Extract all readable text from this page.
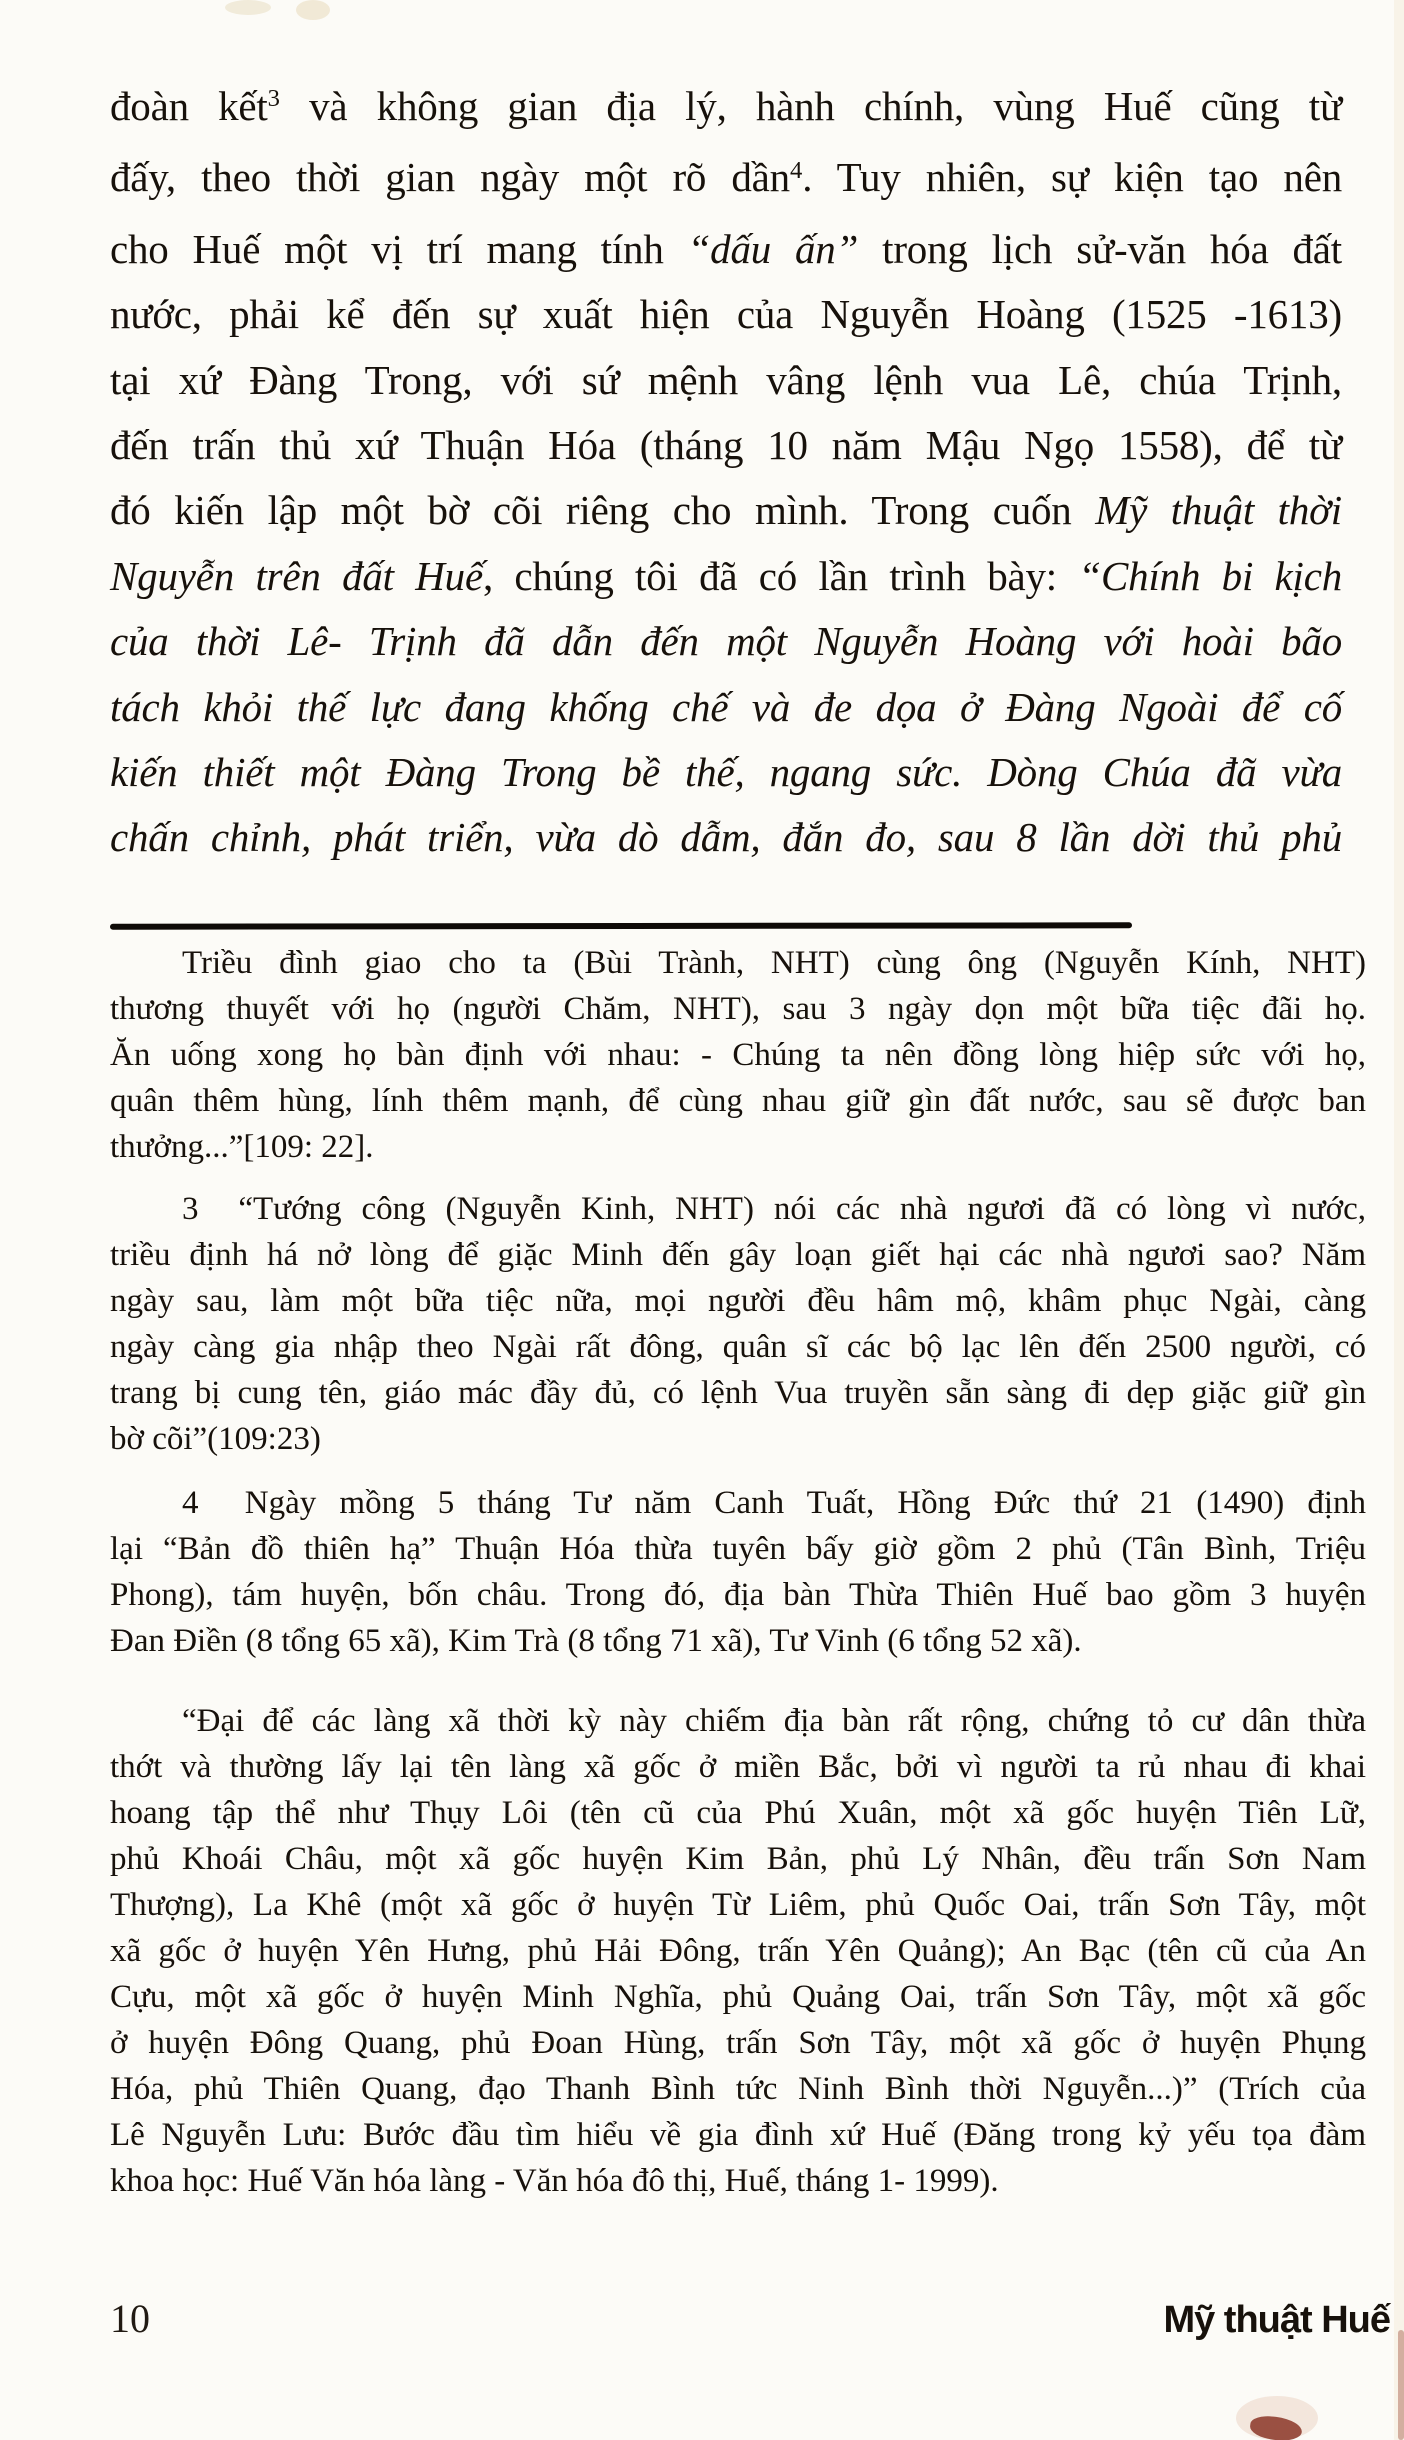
đoàn kết$^3$ và không gian địa lý, hành chính, vùng Huế cũng từ
đấy, theo thời gian ngày một rõ dần$^4$. Tuy nhiên, sự kiện tạo nên
cho Huế một vị trí mang tính “dấu ấn” trong lịch sử-văn hóa đất
nước, phải kể đến sự xuất hiện của Nguyễn Hoàng (1525 -1613)
tại xứ Đàng Trong, với sứ mệnh vâng lệnh vua Lê, chúa Trịnh,
đến trấn thủ xứ Thuận Hóa (tháng 10 năm Mậu Ngọ 1558), để từ
đó kiến lập một bờ cõi riêng cho mình. Trong cuốn Mỹ thuật thời
Nguyễn trên đất Huế, chúng tôi đã có lần trình bày: “Chính bi kịch
của thời Lê- Trịnh đã dẫn đến một Nguyễn Hoàng với hoài bão
tách khỏi thế lực đang khống chế và đe dọa ở Đàng Ngoài để cố
kiến thiết một Đàng Trong bề thế, ngang sức. Dòng Chúa đã vừa
chấn chỉnh, phát triển, vừa dò dẫm, đắn đo, sau 8 lần dời thủ phủ
Triều đình giao cho ta (Bùi Trành, NHT) cùng ông (Nguyễn Kính, NHT)
thương thuyết với họ (người Chăm, NHT), sau 3 ngày dọn một bữa tiệc đãi họ.
Ăn uống xong họ bàn định với nhau: - Chúng ta nên đồng lòng hiệp sức với họ,
quân thêm hùng, lính thêm mạnh, để cùng nhau giữ gìn đất nước, sau sẽ được ban
thưởng...”[109: 22].
3  “Tướng công (Nguyễn Kinh, NHT) nói các nhà ngươi đã có lòng vì nước,
triều định há nở lòng để giặc Minh đến gây loạn giết hại các nhà ngươi sao? Năm
ngày sau, làm một bữa tiệc nữa, mọi người đều hâm mộ, khâm phục Ngài, càng
ngày càng gia nhập theo Ngài rất đông, quân sĩ các bộ lạc lên đến 2500 người, có
trang bị cung tên, giáo mác đầy đủ, có lệnh Vua truyền sẵn sàng đi dẹp giặc giữ gìn
bờ cõi”(109:23)
4  Ngày mồng 5 tháng Tư năm Canh Tuất, Hồng Đức thứ 21 (1490) định
lại “Bản đồ thiên hạ” Thuận Hóa thừa tuyên bấy giờ gồm 2 phủ (Tân Bình, Triệu
Phong), tám huyện, bốn châu. Trong đó, địa bàn Thừa Thiên Huế bao gồm 3 huyện
Đan Điền (8 tổng 65 xã), Kim Trà (8 tổng 71 xã), Tư Vinh (6 tổng 52 xã).
“Đại để các làng xã thời kỳ này chiếm địa bàn rất rộng, chứng tỏ cư dân thừa
thớt và thường lấy lại tên làng xã gốc ở miền Bắc, bởi vì người ta rủ nhau đi khai
hoang tập thể như Thụy Lôi (tên cũ của Phú Xuân, một xã gốc huyện Tiên Lữ,
phủ Khoái Châu, một xã gốc huyện Kim Bản, phủ Lý Nhân, đều trấn Sơn Nam
Thượng), La Khê (một xã gốc ở huyện Từ Liêm, phủ Quốc Oai, trấn Sơn Tây, một
xã gốc ở huyện Yên Hưng, phủ Hải Đông, trấn Yên Quảng); An Bạc (tên cũ của An
Cựu, một xã gốc ở huyện Minh Nghĩa, phủ Quảng Oai, trấn Sơn Tây, một xã gốc
ở huyện Đông Quang, phủ Đoan Hùng, trấn Sơn Tây, một xã gốc ở huyện Phụng
Hóa, phủ Thiên Quang, đạo Thanh Bình tức Ninh Bình thời Nguyễn...)” (Trích của
Lê Nguyễn Lưu: Bước đầu tìm hiểu về gia đình xứ Huế (Đăng trong kỷ yếu tọa đàm
khoa học: Huế Văn hóa làng - Văn hóa đô thị, Huế, tháng 1- 1999).
10	Mỹ thuật Huế
